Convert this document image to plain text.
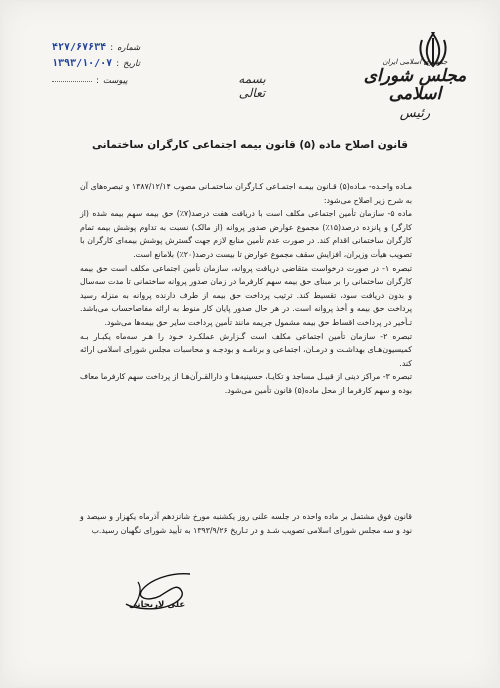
شماره
:
۴۲۷/۶۷۶۳۴
تاریخ
:
۱۳۹۳/۱۰/۰۷
پیوست
:
جمهوری اسلامی ایران
مجلس شورای اسلامی
رئیس
بسمه تعالی
قانون اصلاح ماده (۵) قانون بیمه اجتماعی کارگران ساختمانی

مـاده واحـده- مـاده(۵) قـانون بیمـه اجتمـاعی کـارگران ساختمـانی مصوب ۱۳۸۷/۱۲/۱۴ و تبصره‌های آن به شرح زیر اصلاح می‌شود:

ماده ۵- سازمان تأمین اجتماعی مکلف است با دریافت هفت درصد(۷٪) حق بیمه سهم بیمه شده (از کارگر) و پانزده درصد(۱۵٪) مجموع عوارض صدور پروانه (از مالک) نسبت به تداوم پوشش بیمه تمام کارگران ساختمانی اقدام کند. در صورت عدم تأمین منابع لازم جهت گسترش پوشش بیمه‌ای کارگران با تصویب هیأت وزیران، افزایش سقف مجموع عوارض تا بیست درصد(۲۰٪) بلامانع است.

تبصره ۱- در صورت درخواست متقاضی دریافت پروانه، سازمان تأمین اجتماعی مکلف است حق بیمه کارگران ساختمانی را بر مبنای حق بیمه سهم کارفرما در زمان صدور پروانه ساختمانی تا مدت سه‌سال و بدون دریافت سود، تقسیط کند. ترتیب پرداخت حق بیمه از طرف دارنده پروانه به منزله رسید پرداخت حق بیمه و أخذ پروانه است. در هر حال صدور پایان کار منوط به ارائه مفاصاحساب می‌باشد. تـأخیر در پرداخت اقساط حق بیمه مشمول جریمه مانند تأمین پرداخت سایر حق بیمه‌ها می‌شود.

تبصره ۲- سازمان تأمین اجتماعی مکلف است گـزارش عملکـرد خـود را هـر سه‌ماه یکبـار بـه کمیسیون‌هـای بهداشـت و درمـان، اجتماعی و برنامـه و بودجـه و محاسبات مجلس شورای اسلامی ارائه کند.

تبصره ۳- مراکز دینی از قبیـل مساجد و تکایـا، حسینیه‌هـا و دارالقـرآن‌هـا از پرداخت سهم کارفرما معاف بوده و سهم کارفرما از محل ماده(۵) قانون تأمین می‌شود.

قانون فوق مشتمل بر ماده واحده در جلسه علنی روز یکشنبه مورخ شانزدهم آذرماه یکهزار و سیصد و نود و سه مجلس شورای اسلامی تصویب شـد و در تـاریخ ۱۳۹۳/۹/۲۶ به تأیید شورای نگهبان رسید.ب

علی لاریجانی
